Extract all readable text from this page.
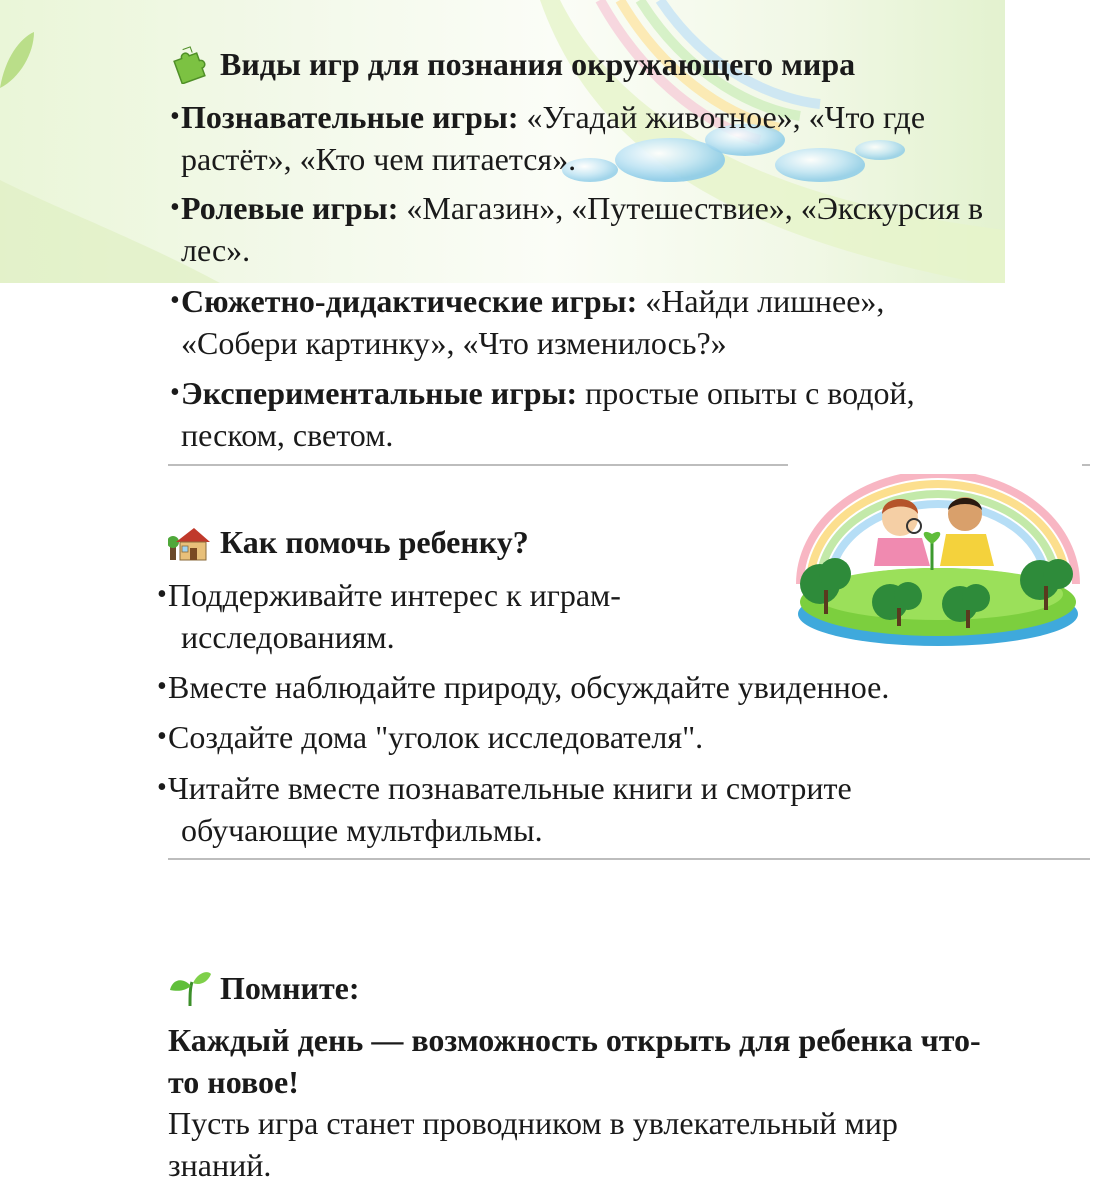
Виды игр для познания окружающего мира
• Познавательные игры: «Угадай животное», «Что где
растёт», «Кто чем питается».
• Ролевые игры: «Магазин», «Путешествие», «Экскурсия в
лес».
• Сюжетно-дидактические игры: «Найди лишнее»,
«Собери картинку», «Что изменилось?»
• Экспериментальные игры: простые опыты с водой,
песком, светом.
Как помочь ребенку?
• Поддерживайте интерес к играм-
исследованиям.
• Вместе наблюдайте природу, обсуждайте увиденное.
• Создайте дома "уголок исследователя".
• Читайте вместе познавательные книги и смотрите
обучающие мультфильмы.
Помните:
Каждый день — возможность открыть для ребенка что-
то новое!
Пусть игра станет проводником в увлекательный мир
знаний.
